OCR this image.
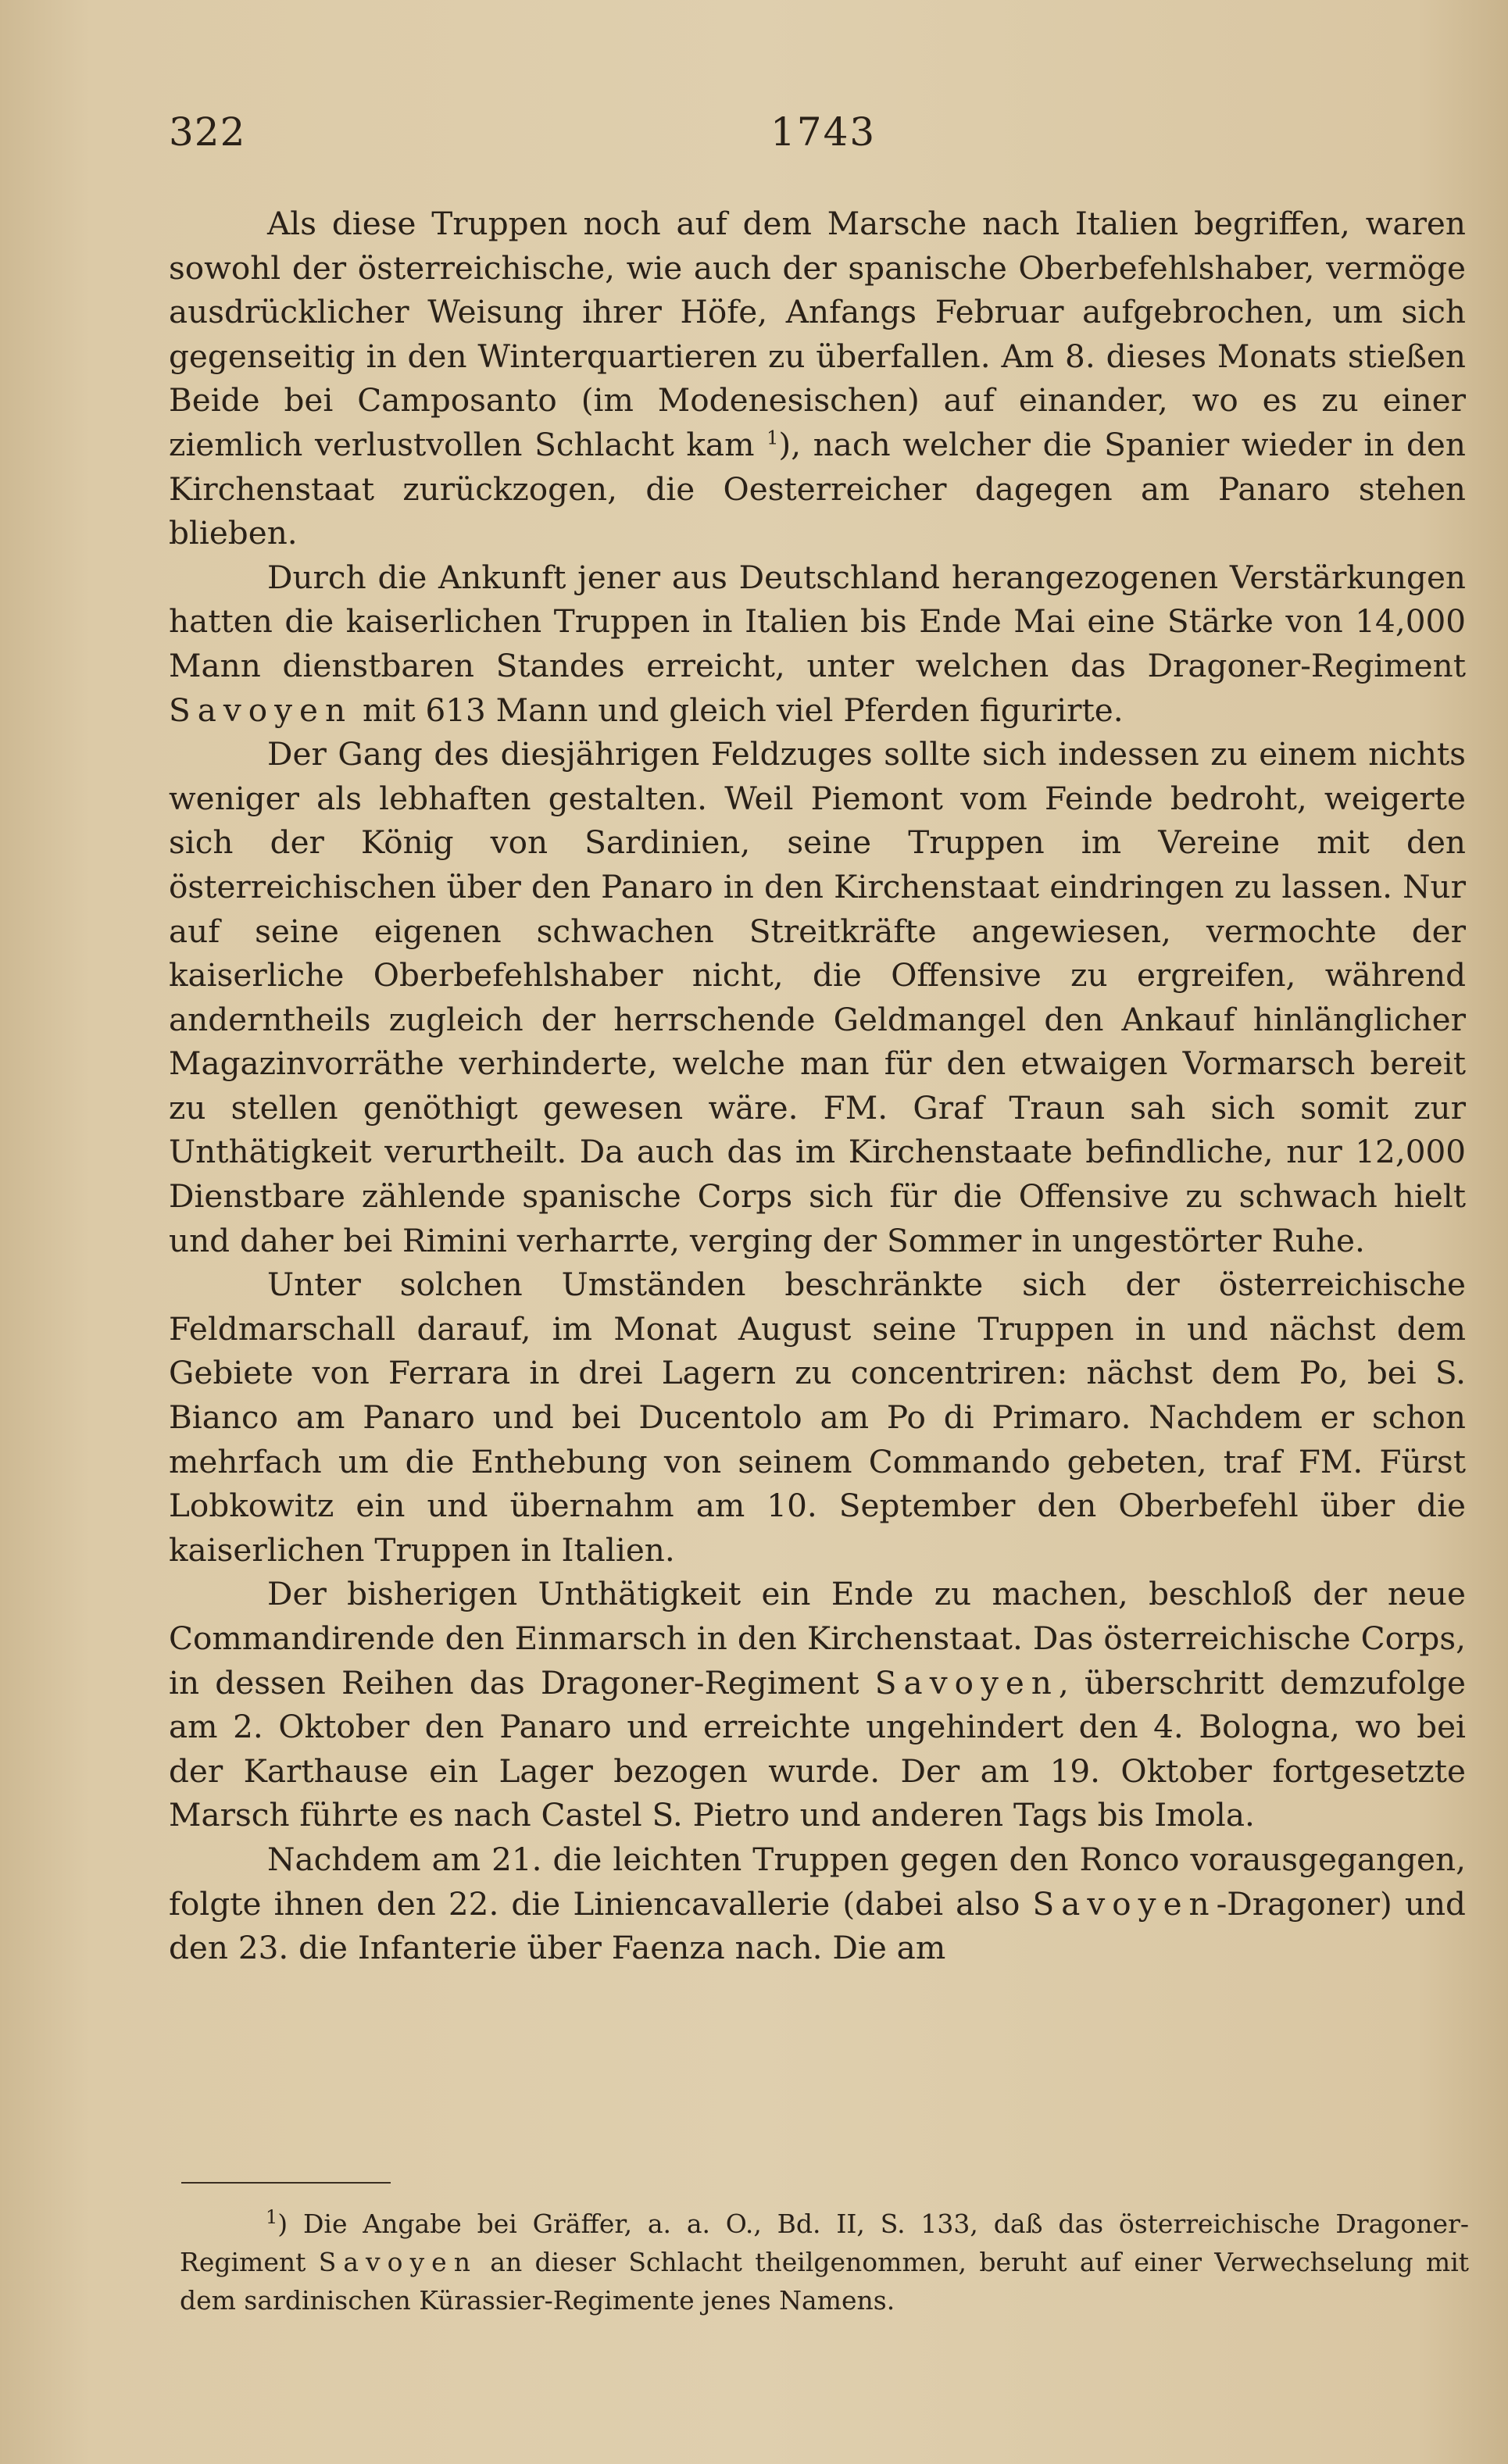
322	1743

Als diese Truppen noch auf dem Marsche nach Italien begriffen, waren sowohl der österreichische, wie auch der spanische Oberbefehlshaber, vermöge ausdrücklicher Weisung ihrer Höfe, Anfangs Februar aufgebrochen, um sich gegenseitig in den Winterquartieren zu überfallen. Am 8. dieses Monats stießen Beide bei Camposanto (im Modenesischen) auf einander, wo es zu einer ziemlich verlustvollen Schlacht kam $^1$), nach welcher die Spanier wieder in den Kirchenstaat zurückzogen, die Oesterreicher dagegen am Panaro stehen blieben.

Durch die Ankunft jener aus Deutschland herangezogenen Verstärkungen hatten die kaiserlichen Truppen in Italien bis Ende Mai eine Stärke von 14,000 Mann dienstbaren Standes erreicht, unter welchen das Dragoner-Regiment Savoyen mit 613 Mann und gleich viel Pferden figurirte.

Der Gang des diesjährigen Feldzuges sollte sich indessen zu einem nichts weniger als lebhaften gestalten. Weil Piemont vom Feinde bedroht, weigerte sich der König von Sardinien, seine Truppen im Vereine mit den österreichischen über den Panaro in den Kirchenstaat eindringen zu lassen. Nur auf seine eigenen schwachen Streitkräfte angewiesen, vermochte der kaiserliche Oberbefehlshaber nicht, die Offensive zu ergreifen, während anderntheils zugleich der herrschende Geldmangel den Ankauf hinlänglicher Magazinvorräthe verhinderte, welche man für den etwaigen Vormarsch bereit zu stellen genöthigt gewesen wäre. FM. Graf Traun sah sich somit zur Unthätigkeit verurtheilt. Da auch das im Kirchenstaate befindliche, nur 12,000 Dienstbare zählende spanische Corps sich für die Offensive zu schwach hielt und daher bei Rimini verharrte, verging der Sommer in ungestörter Ruhe.

Unter solchen Umständen beschränkte sich der österreichische Feldmarschall darauf, im Monat August seine Truppen in und nächst dem Gebiete von Ferrara in drei Lagern zu concentriren: nächst dem Po, bei S. Bianco am Panaro und bei Ducentolo am Po di Primaro. Nachdem er schon mehrfach um die Enthebung von seinem Commando gebeten, traf FM. Fürst Lobkowitz ein und übernahm am 10. September den Oberbefehl über die kaiserlichen Truppen in Italien.

Der bisherigen Unthätigkeit ein Ende zu machen, beschloß der neue Commandirende den Einmarsch in den Kirchenstaat. Das österreichische Corps, in dessen Reihen das Dragoner-Regiment Savoyen, überschritt demzufolge am 2. Oktober den Panaro und erreichte ungehindert den 4. Bologna, wo bei der Karthause ein Lager bezogen wurde. Der am 19. Oktober fortgesetzte Marsch führte es nach Castel S. Pietro und anderen Tags bis Imola.

Nachdem am 21. die leichten Truppen gegen den Ronco vorausgegangen, folgte ihnen den 22. die Liniencavallerie (dabei also Savoyen-Dragoner) und den 23. die Infanterie über Faenza nach. Die am

$^1$) Die Angabe bei Gräffer, a. a. O., Bd. II, S. 133, daß das österreichische Dragoner-Regiment Savoyen an dieser Schlacht theilgenommen, beruht auf einer Verwechselung mit dem sardinischen Kürassier-Regimente jenes Namens.
